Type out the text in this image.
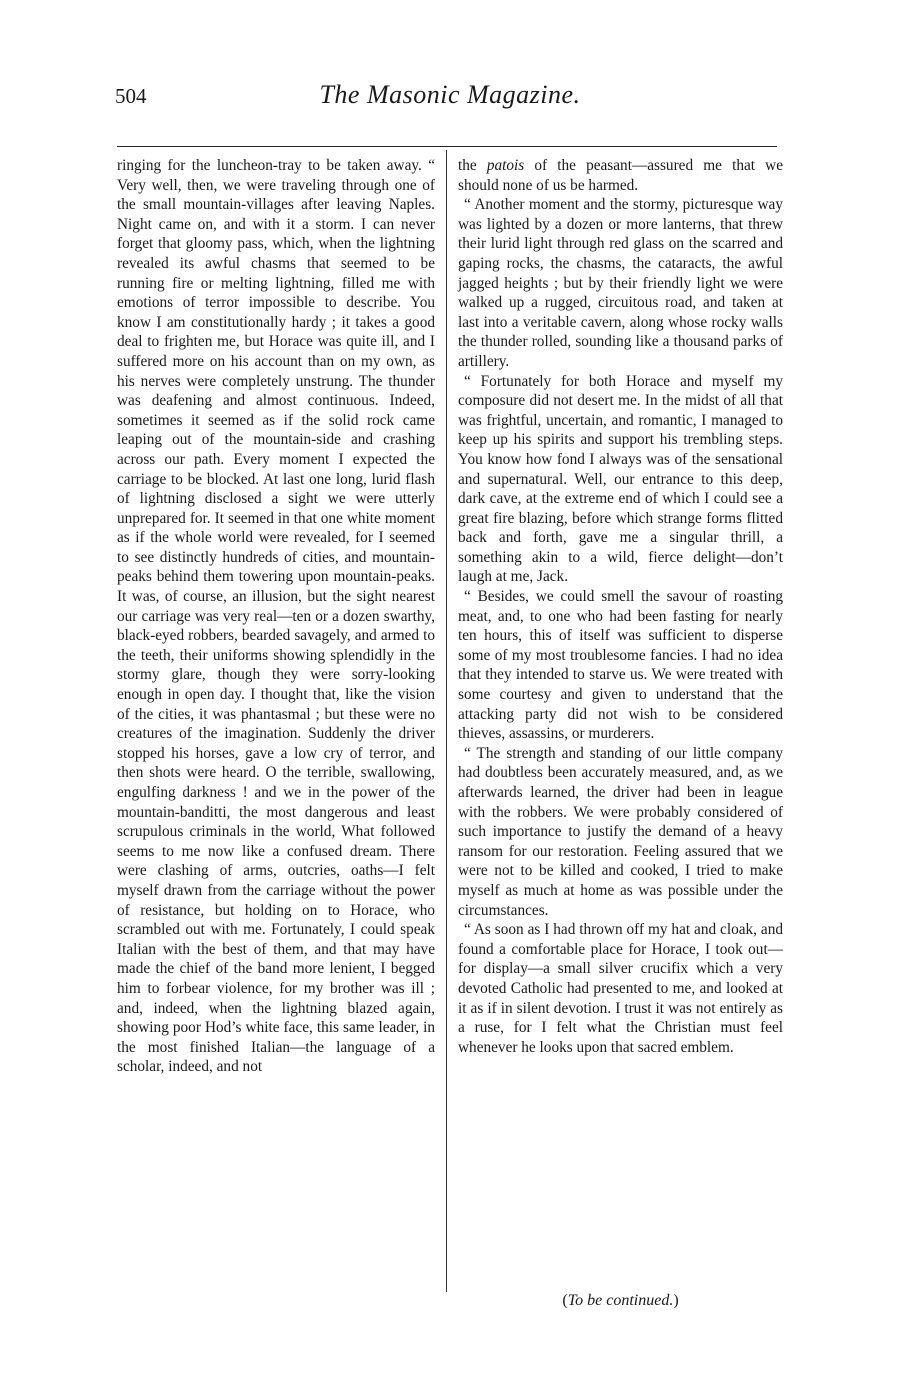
504	The Masonic Magazine.

ringing for the luncheon-tray to be taken away. “ Very well, then, we were traveling through one of the small mountain-villages after leaving Naples. Night came on, and with it a storm. I can never forget that gloomy pass, which, when the lightning revealed its awful chasms that seemed to be running fire or melting lightning, filled me with emotions of terror impossible to describe. You know I am constitutionally hardy ; it takes a good deal to frighten me, but Horace was quite ill, and I suffered more on his account than on my own, as his nerves were completely unstrung. The thunder was deafening and almost continuous. Indeed, sometimes it seemed as if the solid rock came leaping out of the mountain-side and crashing across our path. Every moment I expected the carriage to be blocked. At last one long, lurid flash of lightning disclosed a sight we were utterly unprepared for. It seemed in that one white moment as if the whole world were revealed, for I seemed to see distinctly hundreds of cities, and mountain-peaks behind them towering upon mountain-peaks. It was, of course, an illusion, but the sight nearest our carriage was very real—ten or a dozen swarthy, black-eyed robbers, bearded savagely, and armed to the teeth, their uniforms showing splendidly in the stormy glare, though they were sorry-looking enough in open day. I thought that, like the vision of the cities, it was phantasmal ; but these were no creatures of the imagination. Suddenly the driver stopped his horses, gave a low cry of terror, and then shots were heard. O the terrible, swallowing, engulfing darkness ! and we in the power of the mountain-banditti, the most dangerous and least scrupulous criminals in the world, What followed seems to me now like a confused dream. There were clashing of arms, outcries, oaths—I felt myself drawn from the carriage without the power of resistance, but holding on to Horace, who scrambled out with me. Fortunately, I could speak Italian with the best of them, and that may have made the chief of the band more lenient, I begged him to forbear violence, for my brother was ill ; and, indeed, when the lightning blazed again, showing poor Hod’s white face, this same leader, in the most finished Italian—the language of a scholar, indeed, and not

the patois of the peasant—assured me that we should none of us be harmed.

“ Another moment and the stormy, picturesque way was lighted by a dozen or more lanterns, that threw their lurid light through red glass on the scarred and gaping rocks, the chasms, the cataracts, the awful jagged heights ; but by their friendly light we were walked up a rugged, circuitous road, and taken at last into a veritable cavern, along whose rocky walls the thunder rolled, sounding like a thousand parks of artillery.

“ Fortunately for both Horace and myself my composure did not desert me. In the midst of all that was frightful, uncertain, and romantic, I managed to keep up his spirits and support his trembling steps. You know how fond I always was of the sensational and supernatural. Well, our entrance to this deep, dark cave, at the extreme end of which I could see a great fire blazing, before which strange forms flitted back and forth, gave me a singular thrill, a something akin to a wild, fierce delight—don’t laugh at me, Jack.

“ Besides, we could smell the savour of roasting meat, and, to one who had been fasting for nearly ten hours, this of itself was sufficient to disperse some of my most troublesome fancies. I had no idea that they intended to starve us. We were treated with some courtesy and given to understand that the attacking party did not wish to be considered thieves, assassins, or murderers.

“ The strength and standing of our little company had doubtless been accurately measured, and, as we afterwards learned, the driver had been in league with the robbers. We were probably considered of such importance to justify the demand of a heavy ransom for our restoration. Feeling assured that we were not to be killed and cooked, I tried to make myself as much at home as was possible under the circumstances.

“ As soon as I had thrown off my hat and cloak, and found a comfortable place for Horace, I took out—for display—a small silver crucifix which a very devoted Catholic had presented to me, and looked at it as if in silent devotion. I trust it was not entirely as a ruse, for I felt what the Christian must feel whenever he looks upon that sacred emblem.

(To be continued.)
